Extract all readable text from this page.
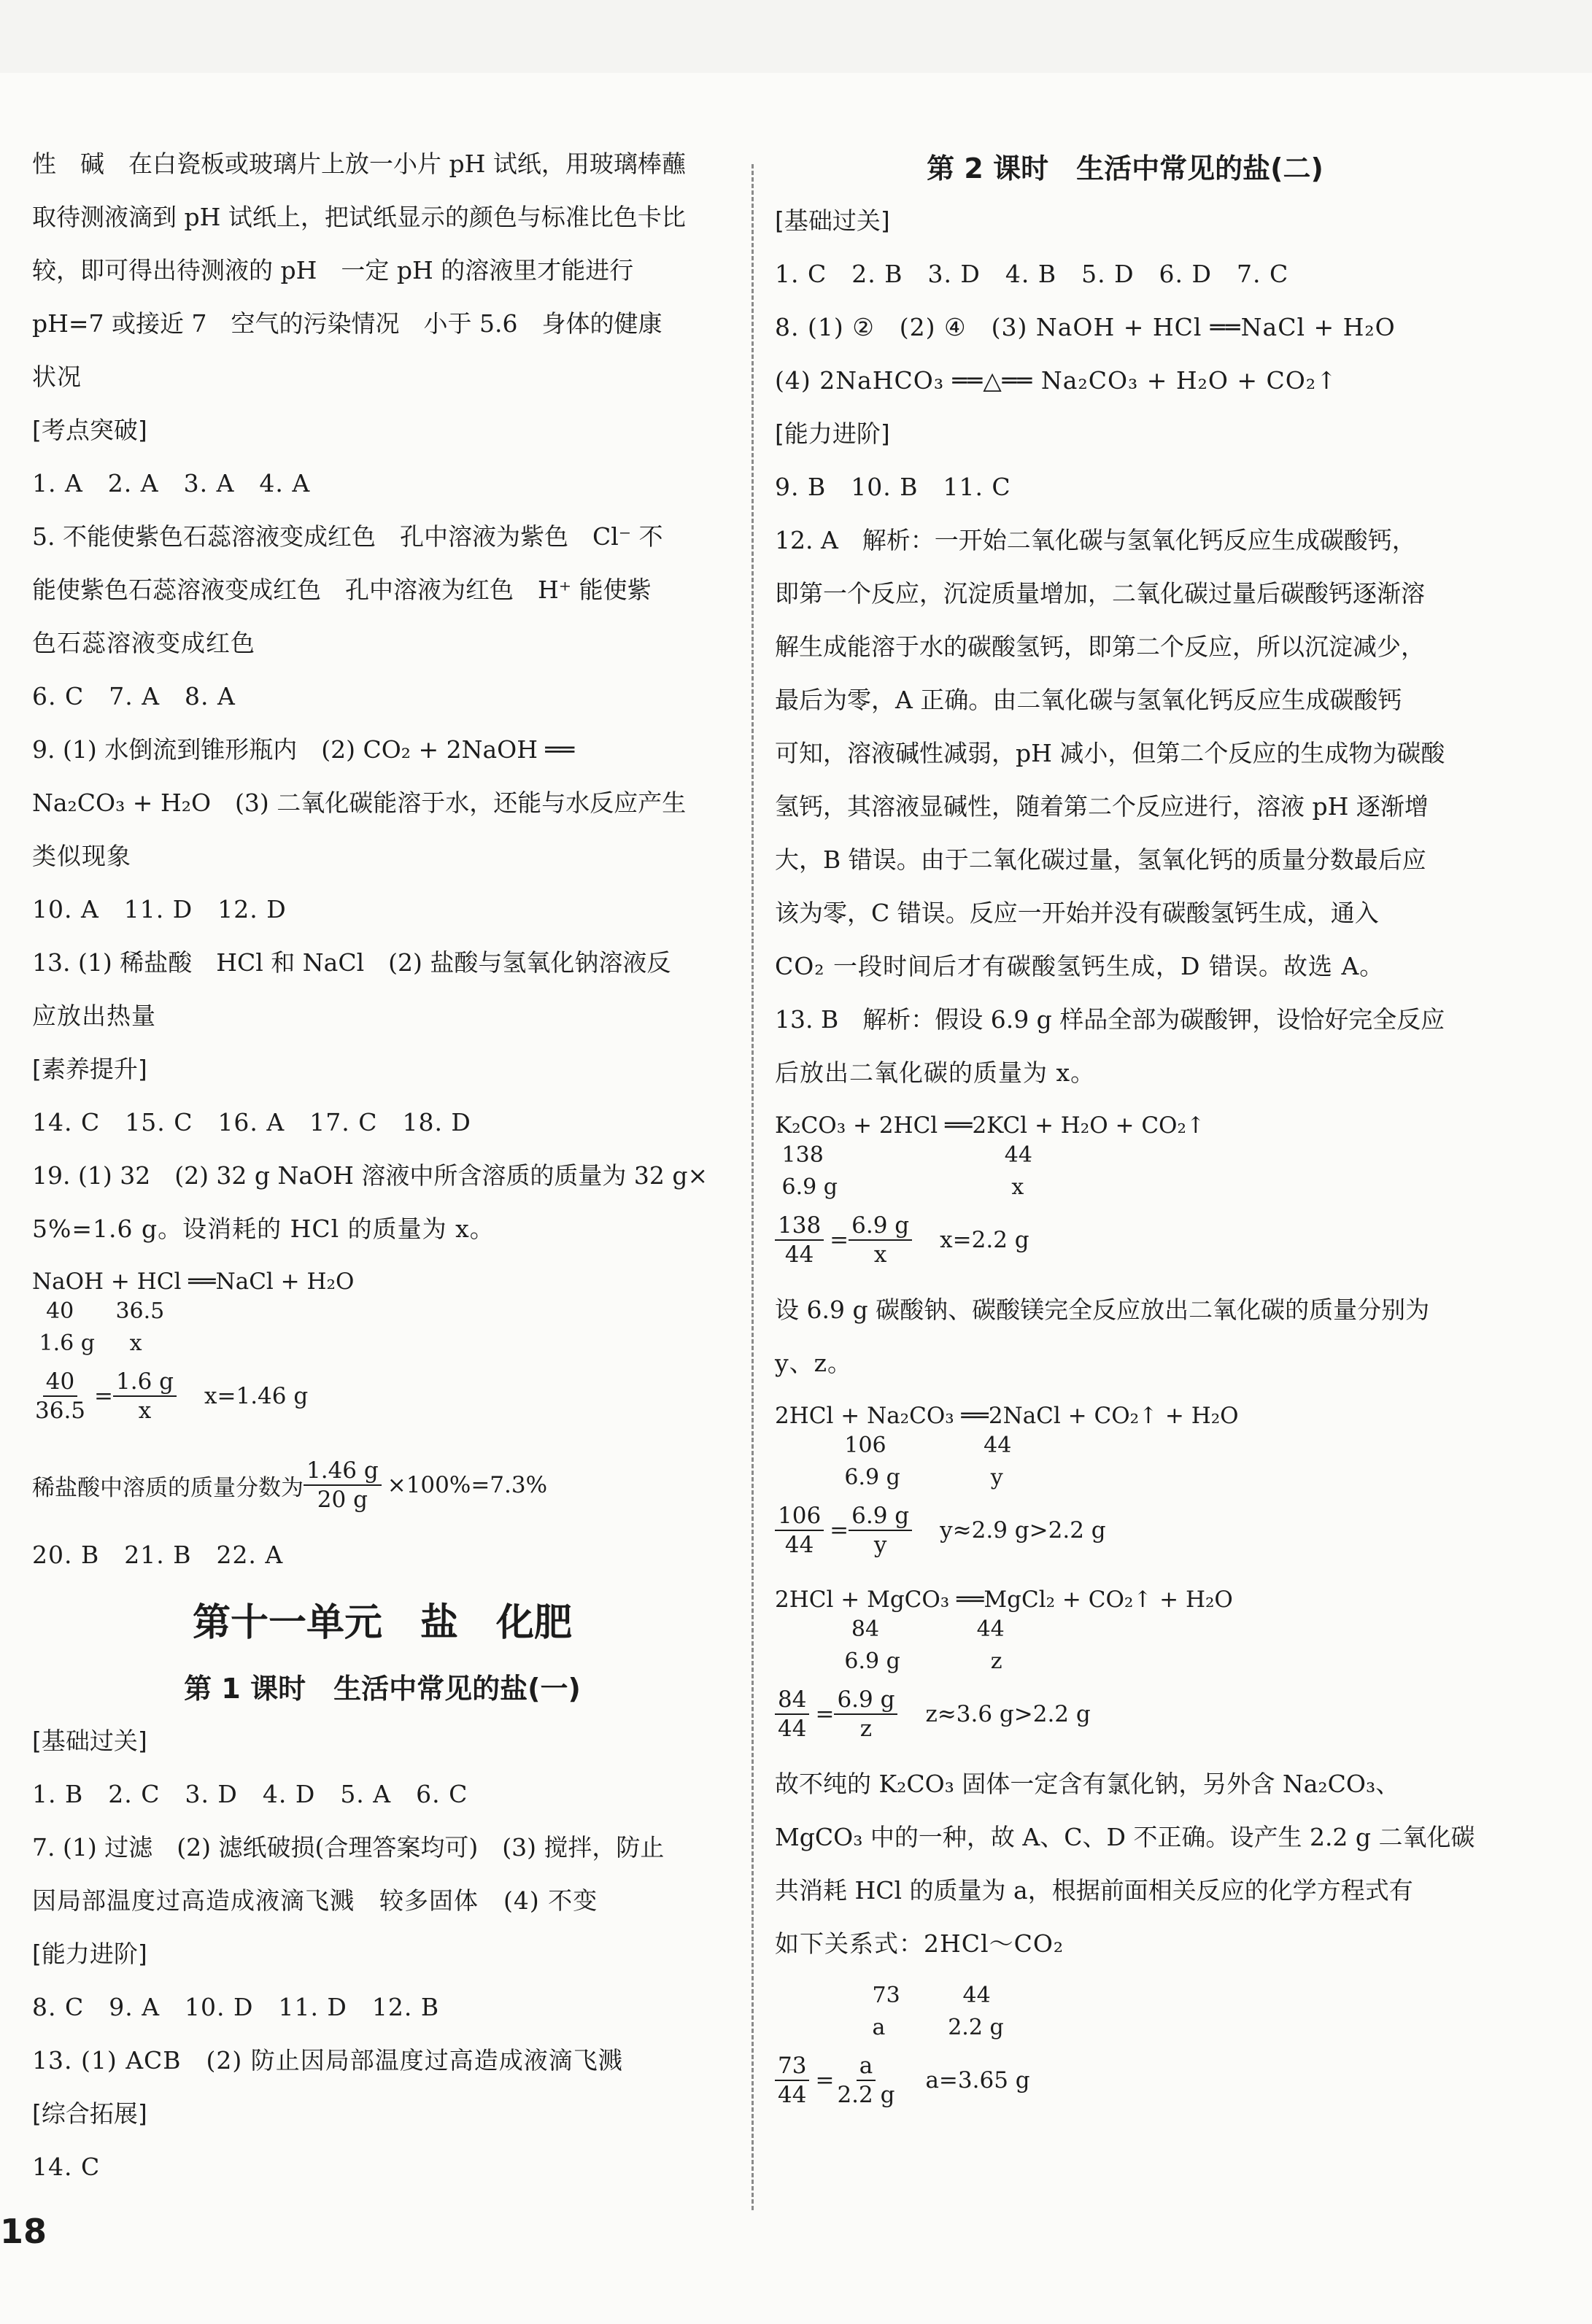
性　碱　在白瓷板或玻璃片上放一小片 pH 试纸，用玻璃棒蘸
取待测液滴到 pH 试纸上，把试纸显示的颜色与标准比色卡比
较，即可得出待测液的 pH　一定 pH 的溶液里才能进行
pH=7 或接近 7　空气的污染情况　小于 5.6　身体的健康
状况
[考点突破]
1. A　2. A　3. A　4. A
5. 不能使紫色石蕊溶液变成红色　孔中溶液为紫色　Cl⁻ 不
能使紫色石蕊溶液变成红色　孔中溶液为红色　H⁺ 能使紫
色石蕊溶液变成红色
6. C　7. A　8. A
9. (1) 水倒流到锥形瓶内　(2) CO₂ + 2NaOH ══
Na₂CO₃ + H₂O　(3) 二氧化碳能溶于水，还能与水反应产生
类似现象
10. A　11. D　12. D
13. (1) 稀盐酸　HCl 和 NaCl　(2) 盐酸与氢氧化钠溶液反
应放出热量
[素养提升]
14. C　15. C　16. A　17. C　18. D
19. (1) 32　(2) 32 g NaOH 溶液中所含溶质的质量为 32 g×
5%=1.6 g。设消耗的 HCl 的质量为 x。
NaOH + HCl ══NaCl + H₂O
40      36.5
1.6 g     x
$\frac{40}{36.5} = \frac{1.6 g}{x} x=1.46$ g
稀盐酸中溶质的质量分数为 $\frac{1.46 g}{20 g} \times 100\%=7.3\%$
20. B　21. B　22. A
第十一单元　盐　化肥
第 1 课时　生活中常见的盐(一)
[基础过关]
1. B　2. C　3. D　4. D　5. A　6. C
7. (1) 过滤　(2) 滤纸破损(合理答案均可)　(3) 搅拌，防止
因局部温度过高造成液滴飞溅　较多固体　(4) 不变
[能力进阶]
8. C　9. A　10. D　11. D　12. B
13. (1) ACB　(2) 防止因局部温度过高造成液滴飞溅
[综合拓展]
14. C
第 2 课时　生活中常见的盐(二)
[基础过关]
1. C　2. B　3. D　4. B　5. D　6. D　7. C
8. (1) ②　(2) ④　(3) NaOH + HCl ══NaCl + H₂O
(4) 2NaHCO₃ ══△══ Na₂CO₃ + H₂O + CO₂↑
[能力进阶]
9. B　10. B　11. C
12. A　解析：一开始二氧化碳与氢氧化钙反应生成碳酸钙，
即第一个反应，沉淀质量增加，二氧化碳过量后碳酸钙逐渐溶
解生成能溶于水的碳酸氢钙，即第二个反应，所以沉淀减少，
最后为零，A 正确。由二氧化碳与氢氧化钙反应生成碳酸钙
可知，溶液碱性减弱，pH 减小，但第二个反应的生成物为碳酸
氢钙，其溶液显碱性，随着第二个反应进行，溶液 pH 逐渐增
大，B 错误。由于二氧化碳过量，氢氧化钙的质量分数最后应
该为零，C 错误。反应一开始并没有碳酸氢钙生成，通入
CO₂ 一段时间后才有碳酸氢钙生成，D 错误。故选 A。
13. B　解析：假设 6.9 g 样品全部为碳酸钾，设恰好完全反应
后放出二氧化碳的质量为 x。
K₂CO₃ + 2HCl ══2KCl + H₂O + CO₂↑
138                          44
6.9 g                         x
$\frac{138}{44} = \frac{6.9 g}{x} x=2.2$ g
设 6.9 g 碳酸钠、碳酸镁完全反应放出二氧化碳的质量分别为
y、z。
2HCl + Na₂CO₃ ══2NaCl + CO₂↑ + H₂O
106              44
6.9 g             y
$\frac{106}{44} = \frac{6.9 g}{y} y\approx 2.9$ g>2.2 g
2HCl + MgCO₃ ══MgCl₂ + CO₂↑ + H₂O
84              44
6.9 g             z
$\frac{84}{44} = \frac{6.9 g}{z} z\approx 3.6$ g>2.2 g
故不纯的 K₂CO₃ 固体一定含有氯化钠，另外含 Na₂CO₃、
MgCO₃ 中的一种，故 A、C、D 不正确。设产生 2.2 g 二氧化碳
共消耗 HCl 的质量为 a，根据前面相关反应的化学方程式有
如下关系式：2HCl～CO₂
73         44
a         2.2 g
$\frac{73}{44} = \frac{a}{2.2 g} a=3.65$ g
18
